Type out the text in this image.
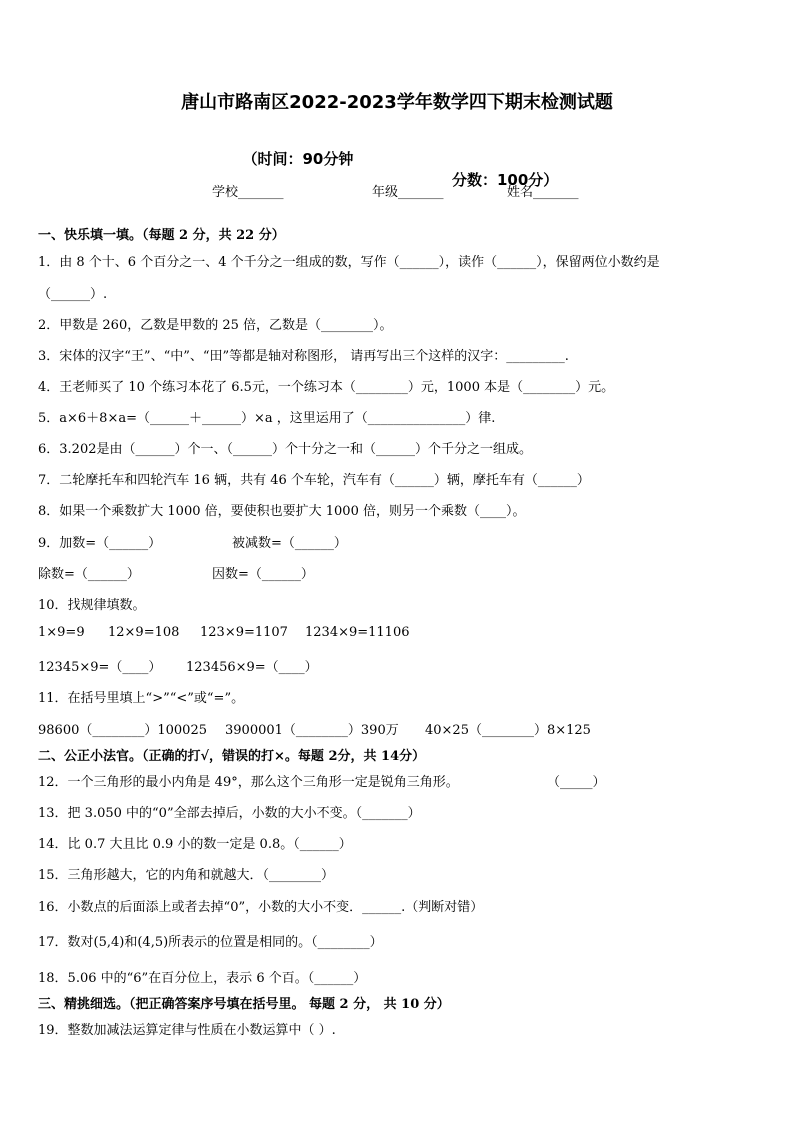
唐山市路南区2022-2023学年数学四下期末检测试题

（时间：90分钟

分数：100分）

学校_______	年级_______	姓名_______
一、快乐填一填。（每题 2 分，共 22 分）
1．由 8 个十、6 个百分之一、4 个千分之一组成的数，写作（______），读作（______），保留两位小数约是
（______）.
2．甲数是 260，乙数是甲数的 25 倍，乙数是（________）。
3．宋体的汉字“王”、“中”、“田”等都是轴对称图形， 请再写出三个这样的汉字：_________.
4．王老师买了 10 个练习本花了 6.5元，一个练习本（________）元，1000 本是（________）元。
5．a×6＋8×a=（______＋______）×a ，这里运用了（_______________）律.
6．3.202是由（______）个一、（______）个十分之一和（______）个千分之一组成。
7．二轮摩托车和四轮汽车 16 辆，共有 46 个车轮，汽车有（______）辆，摩托车有（______）
8．如果一个乘数扩大 1000 倍，要使积也要扩大 1000 倍，则另一个乘数（____）。
9．加数=（______）	被减数=（______）
除数=（______）	因数=（______）
10．找规律填数。
1×9=9 12×9=108 123×9=1107 1234×9=11106
12345×9=（____） 123456×9=（____）
11．在括号里填上“>”“<”或“=”。
98600（________）100025 3900001（________）390万 40×25（________）8×125
二、公正小法官。（正确的打√，错误的打×。每题 2分，共 14分）
12．一个三角形的最小内角是 49°，那么这个三角形一定是锐角三角形。	（_____）
13．把 3.050 中的“0”全部去掉后，小数的大小不变。（_______）
14．比 0.7 大且比 0.9 小的数一定是 0.8。（______）
15．三角形越大，它的内角和就越大．（________）
16．小数点的后面添上或者去掉“0”，小数的大小不变．______.（判断对错）
17．数对(5,4)和(4,5)所表示的位置是相同的。（________）
18．5.06 中的“6”在百分位上，表示 6 个百。（______）
三、精挑细选。（把正确答案序号填在括号里。 每题 2 分， 共 10 分）
19．整数加减法运算定律与性质在小数运算中（ ）.
